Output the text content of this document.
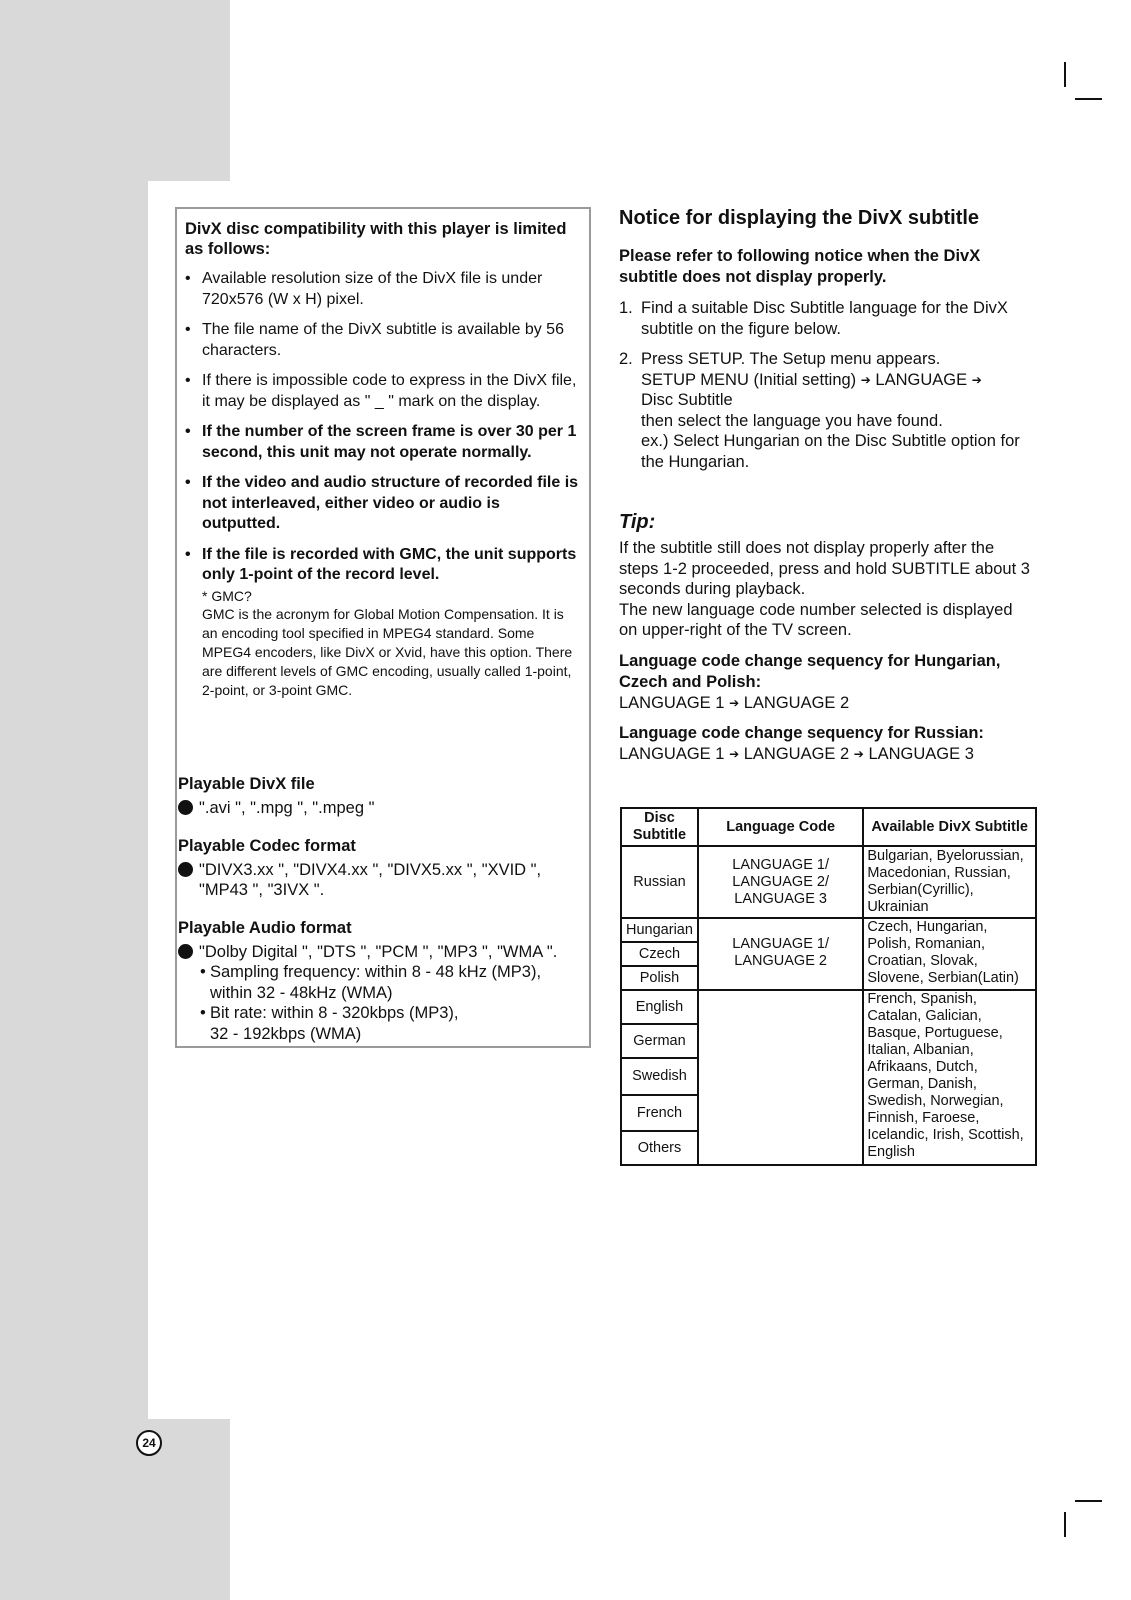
24
DivX disc compatibility with this player is limited as follows:
• Available resolution size of the DivX file is under 720x576 (W x H) pixel.
• The file name of the DivX subtitle is available by 56 characters.
• If there is impossible code to express in the DivX file, it may be displayed as " _ " mark on the display.
• If the number of the screen frame is over 30 per 1 second, this unit may not operate normally.
• If the video and audio structure of recorded file is not interleaved, either video or audio is outputted.
• If the file is recorded with GMC, the unit supports only 1-point of the record level.
* GMC?
GMC is the acronym for Global Motion Compensation. It is an encoding tool specified in MPEG4 standard. Some MPEG4 encoders, like DivX or Xvid, have this option. There are different levels of GMC encoding, usually called 1-point, 2-point, or 3-point GMC.
Playable DivX file
".avi ", ".mpg ", ".mpeg "
Playable Codec format
"DIVX3.xx ", "DIVX4.xx ", "DIVX5.xx ", "XVID ", "MP43 ", "3IVX ".
Playable Audio format
"Dolby Digital ", "DTS ", "PCM ", "MP3 ", "WMA ".
• Sampling frequency: within 8 - 48 kHz (MP3),
within 32 - 48kHz (WMA)
• Bit rate: within 8 - 320kbps (MP3),
32 - 192kbps (WMA)
Notice for displaying the DivX subtitle
Please refer to following notice when the DivX subtitle does not display properly.
1. Find a suitable Disc Subtitle language for the DivX subtitle on the figure below.
2. Press SETUP. The Setup menu appears.
SETUP MENU (Initial setting) ➔ LANGUAGE ➔
Disc Subtitle
then select the language you have found.
ex.) Select Hungarian on the Disc Subtitle option for the Hungarian.
Tip:
If the subtitle still does not display properly after the steps 1-2 proceeded, press and hold SUBTITLE about 3 seconds during playback.
The new language code number selected is displayed on upper-right of the TV screen.
Language code change sequency for Hungarian, Czech and Polish:
LANGUAGE 1 ➔ LANGUAGE 2
Language code change sequency for Russian:
LANGUAGE 1 ➔ LANGUAGE 2 ➔ LANGUAGE 3
Disc Subtitle	Language Code	Available DivX Subtitle
Russian	LANGUAGE 1/ LANGUAGE 2/ LANGUAGE 3	Bulgarian, Byelorussian, Macedonian, Russian, Serbian(Cyrillic), Ukrainian
Hungarian	LANGUAGE 1/ LANGUAGE 2	Czech, Hungarian, Polish, Romanian, Croatian, Slovak, Slovene, Serbian(Latin)
Czech		
Polish		
English		French, Spanish, Catalan, Galician, Basque, Portuguese, Italian, Albanian, Afrikaans, Dutch, German, Danish, Swedish, Norwegian, Finnish, Faroese, Icelandic, Irish, Scottish, English
German		
Swedish		
French		
Others		
